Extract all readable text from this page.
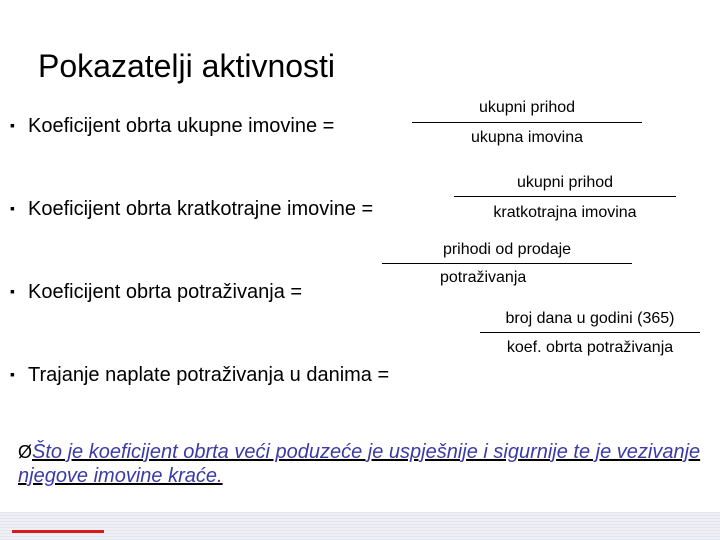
Pokazatelji aktivnosti
▪ Koeficijent obrta ukupne imovine =
ukupni prihod
ukupna imovina
▪ Koeficijent obrta kratkotrajne imovine =
ukupni prihod
kratkotrajna imovina
▪ Koeficijent obrta potraživanja =
prihodi od prodaje
potraživanja
▪ Trajanje naplate potraživanja u danima =
broj dana u godini (365)
koef. obrta potraživanja
ØŠto je koeficijent obrta veći poduzeće je uspješnije i sigurnije te je vezivanje njegove imovine kraće.
